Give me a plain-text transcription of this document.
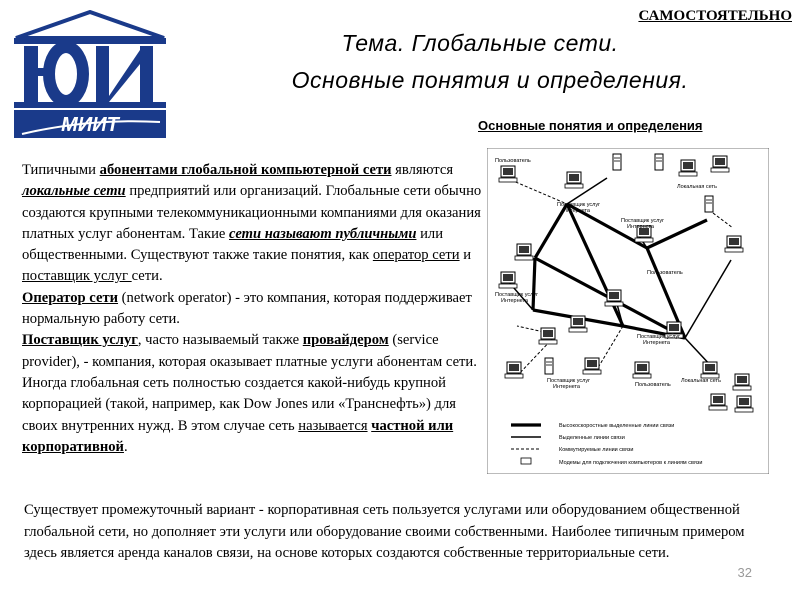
МИИТ
САМОСТОЯТЕЛЬНО
Тема. Глобальные сети.
Основные понятия и определения.
Основные понятия и определения
Типичными абонентами глобальной компьютерной сети являются локальные сети предприятий или организаций. Глобальные сети обычно создаются крупными телекоммуникационными компаниями для оказания платных услуг абонентам. Такие сети называют публичными или общественными. Существуют также такие понятия, как оператор сети и поставщик услуг сети.
Оператор сети (network operator) - это компания, которая поддерживает нормальную работу сети.
Поставщик услуг, часто называемый также провайдером (service provider), - компания, которая оказывает платные услуги абонентам сети.
Иногда глобальная сеть полностью создается какой-нибудь крупной корпорацией (такой, например, как Dow Jones или «Транснефть») для своих внутренних нужд. В этом случае сеть называется частной или корпоративной.
Пользователь
Локальная сеть
Поставщик услуг
Интернета
Поставщик услуг
Интернета
Поставщик услуг
Интернета
Поставщик услуг
Интернета
Поставщик услуг
Интернета
Пользователь
Локальная сеть
Пользователь
Высокоскоростные выделенные линии связи
Выделенные линии связи
Коммутируемые линии связи
Модемы для подключения компьютеров к линиям связи
Существует промежуточный вариант - корпоративная сеть пользуется услугами или оборудованием общественной глобальной сети, но дополняет эти услуги или оборудование своими собственными. Наиболее типичным примером здесь является аренда каналов связи, на основе которых создаются собственные территориальные сети.
32
